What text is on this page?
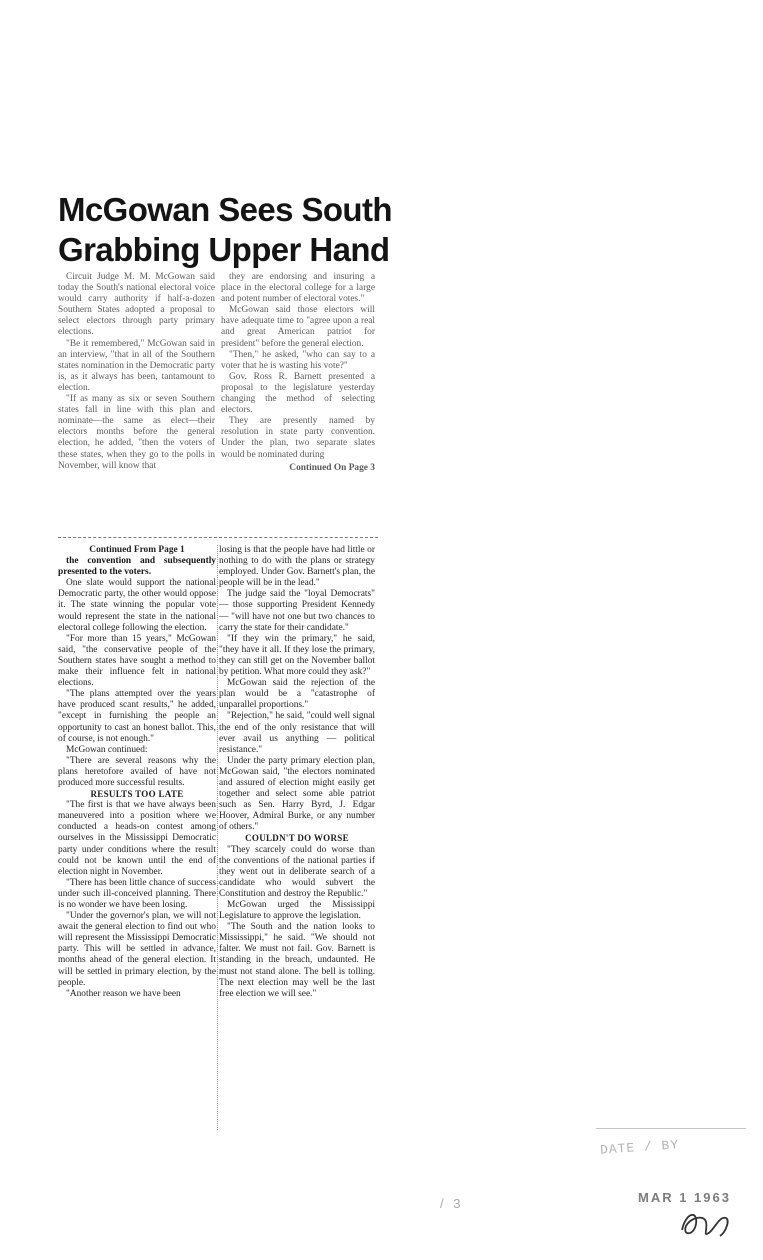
McGowan Sees South
Grabbing Upper Hand

Circuit Judge M. M. McGowan said today the South's national electoral voice would carry authority if half-a-dozen Southern States adopted a proposal to select electors through party primary elections.

"Be it remembered," McGowan said in an interview, "that in all of the Southern states nomination in the Democratic party is, as it always has been, tantamount to election.

"If as many as six or seven Southern states fall in line with this plan and nominate—the same as elect—their electors months before the general election, he added, "then the voters of these states, when they go to the polls in November, will know that

they are endorsing and insuring a place in the electoral college for a large and potent number of electoral votes."

McGowan said those electors will have adequate time to "agree upon a real and great American patriot for president" before the general election.

"Then," he asked, "who can say to a voter that he is wasting his vote?"

Gov. Ross R. Barnett presented a proposal to the legislature yesterday changing the method of selecting electors.

They are presently named by resolution in state party convention. Under the plan, two separate slates would be nominated during

Continued On Page 3

Continued From Page 1

the convention and subsequently presented to the voters.

One slate would support the national Democratic party, the other would oppose it. The state winning the popular vote would represent the state in the national electoral college following the election.

"For more than 15 years," McGowan said, "the conservative people of the Southern states have sought a method to make their influence felt in national elections.

"The plans attempted over the years have produced scant results," he added, "except in furnishing the people an opportunity to cast an honest ballot. This, of course, is not enough."

McGowan continued:

"There are several reasons why the plans heretofore availed of have not produced more successful results.

RESULTS TOO LATE

"The first is that we have always been maneuvered into a position where we conducted a heads-on contest among ourselves in the Mississippi Democratic party under conditions where the result could not be known until the end of election night in November.

"There has been little chance of success under such ill-conceived planning. There is no wonder we have been losing.

"Under the governor's plan, we will not await the general election to find out who will represent the Mississippi Democratic party. This will be settled in advance, months ahead of the general election. It will be settled in primary election, by the people.

"Another reason we have been

losing is that the people have had little or nothing to do with the plans or strategy employed. Under Gov. Barnett's plan, the people will be in the lead."

The judge said the "loyal Democrats" — those supporting President Kennedy — "will have not one but two chances to carry the state for their candidate."

"If they win the primary," he said, "they have it all. If they lose the primary, they can still get on the November ballot by petition. What more could they ask?"

McGowan said the rejection of the plan would be a "catastrophe of unparallel proportions."

"Rejection," he said, "could well signal the end of the only resistance that will ever avail us anything — political resistance."

Under the party primary election plan, McGowan said, "the electors nominated and assured of election might easily get together and select some able patriot such as Sen. Harry Byrd, J. Edgar Hoover, Admiral Burke, or any number of others."

COULDN'T DO WORSE

"They scarcely could do worse than the conventions of the national parties if they went out in deliberate search of a candidate who would subvert the Constitution and destroy the Republic."

McGowan urged the Mississippi Legislature to approve the legislation.

"The South and the nation looks to Mississippi," he said. "We should not falter. We must not fail. Gov. Barnett is standing in the breach, undaunted. He must not stand alone. The bell is tolling. The next election may well be the last free election we will see."

DATE / BY
/ 3	MAR 1 1963
